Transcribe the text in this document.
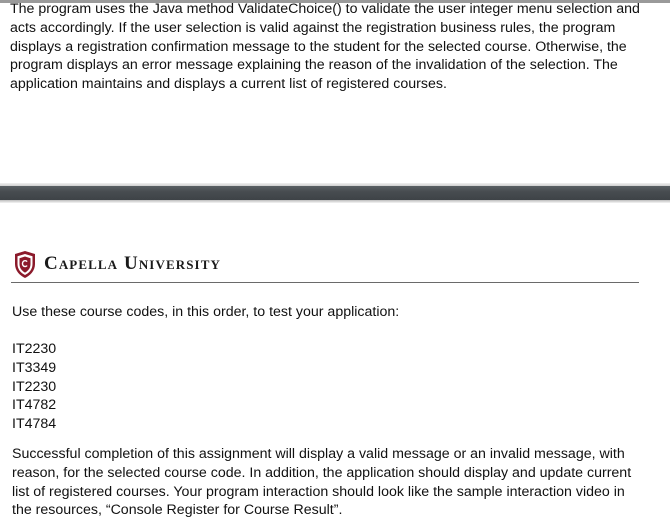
The program uses the Java method ValidateChoice() to validate the user integer menu selection and acts accordingly. If the user selection is valid against the registration business rules, the program displays a registration confirmation message to the student for the selected course. Otherwise, the program displays an error message explaining the reason of the invalidation of the selection. The application maintains and displays a current list of registered courses.

Capella University

Use these course codes, in this order, to test your application:

IT2230
IT3349
IT2230
IT4782
IT4784

Successful completion of this assignment will display a valid message or an invalid message, with reason, for the selected course code. In addition, the application should display and update current list of registered courses. Your program interaction should look like the sample interaction video in the resources, “Console Register for Course Result”.
